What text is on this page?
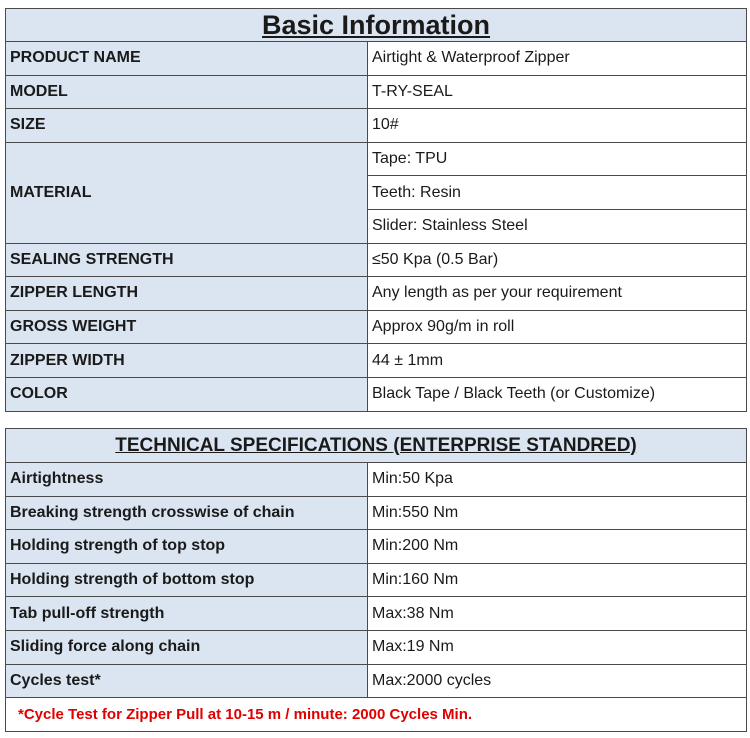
Basic Information	
PRODUCT NAME	Airtight & Waterproof Zipper
MODEL	T-RY-SEAL
SIZE	10#
MATERIAL	Tape: TPU
	Teeth: Resin
	Slider: Stainless Steel
SEALING STRENGTH	≤50 Kpa (0.5 Bar)
ZIPPER LENGTH	Any length as per your requirement
GROSS WEIGHT	Approx 90g/m in roll
ZIPPER WIDTH	44 ± 1mm
COLOR	Black Tape / Black Teeth (or Customize)
TECHNICAL SPECIFICATIONS (ENTERPRISE STANDRED)	
Airtightness	Min:50 Kpa
Breaking strength crosswise of chain	Min:550 Nm
Holding strength of top stop	Min:200 Nm
Holding strength of bottom stop	Min:160 Nm
Tab pull-off strength	Max:38 Nm
Sliding force along chain	Max:19 Nm
Cycles test*	Max:2000 cycles
*Cycle Test for Zipper Pull at 10-15 m / minute: 2000 Cycles Min.	
